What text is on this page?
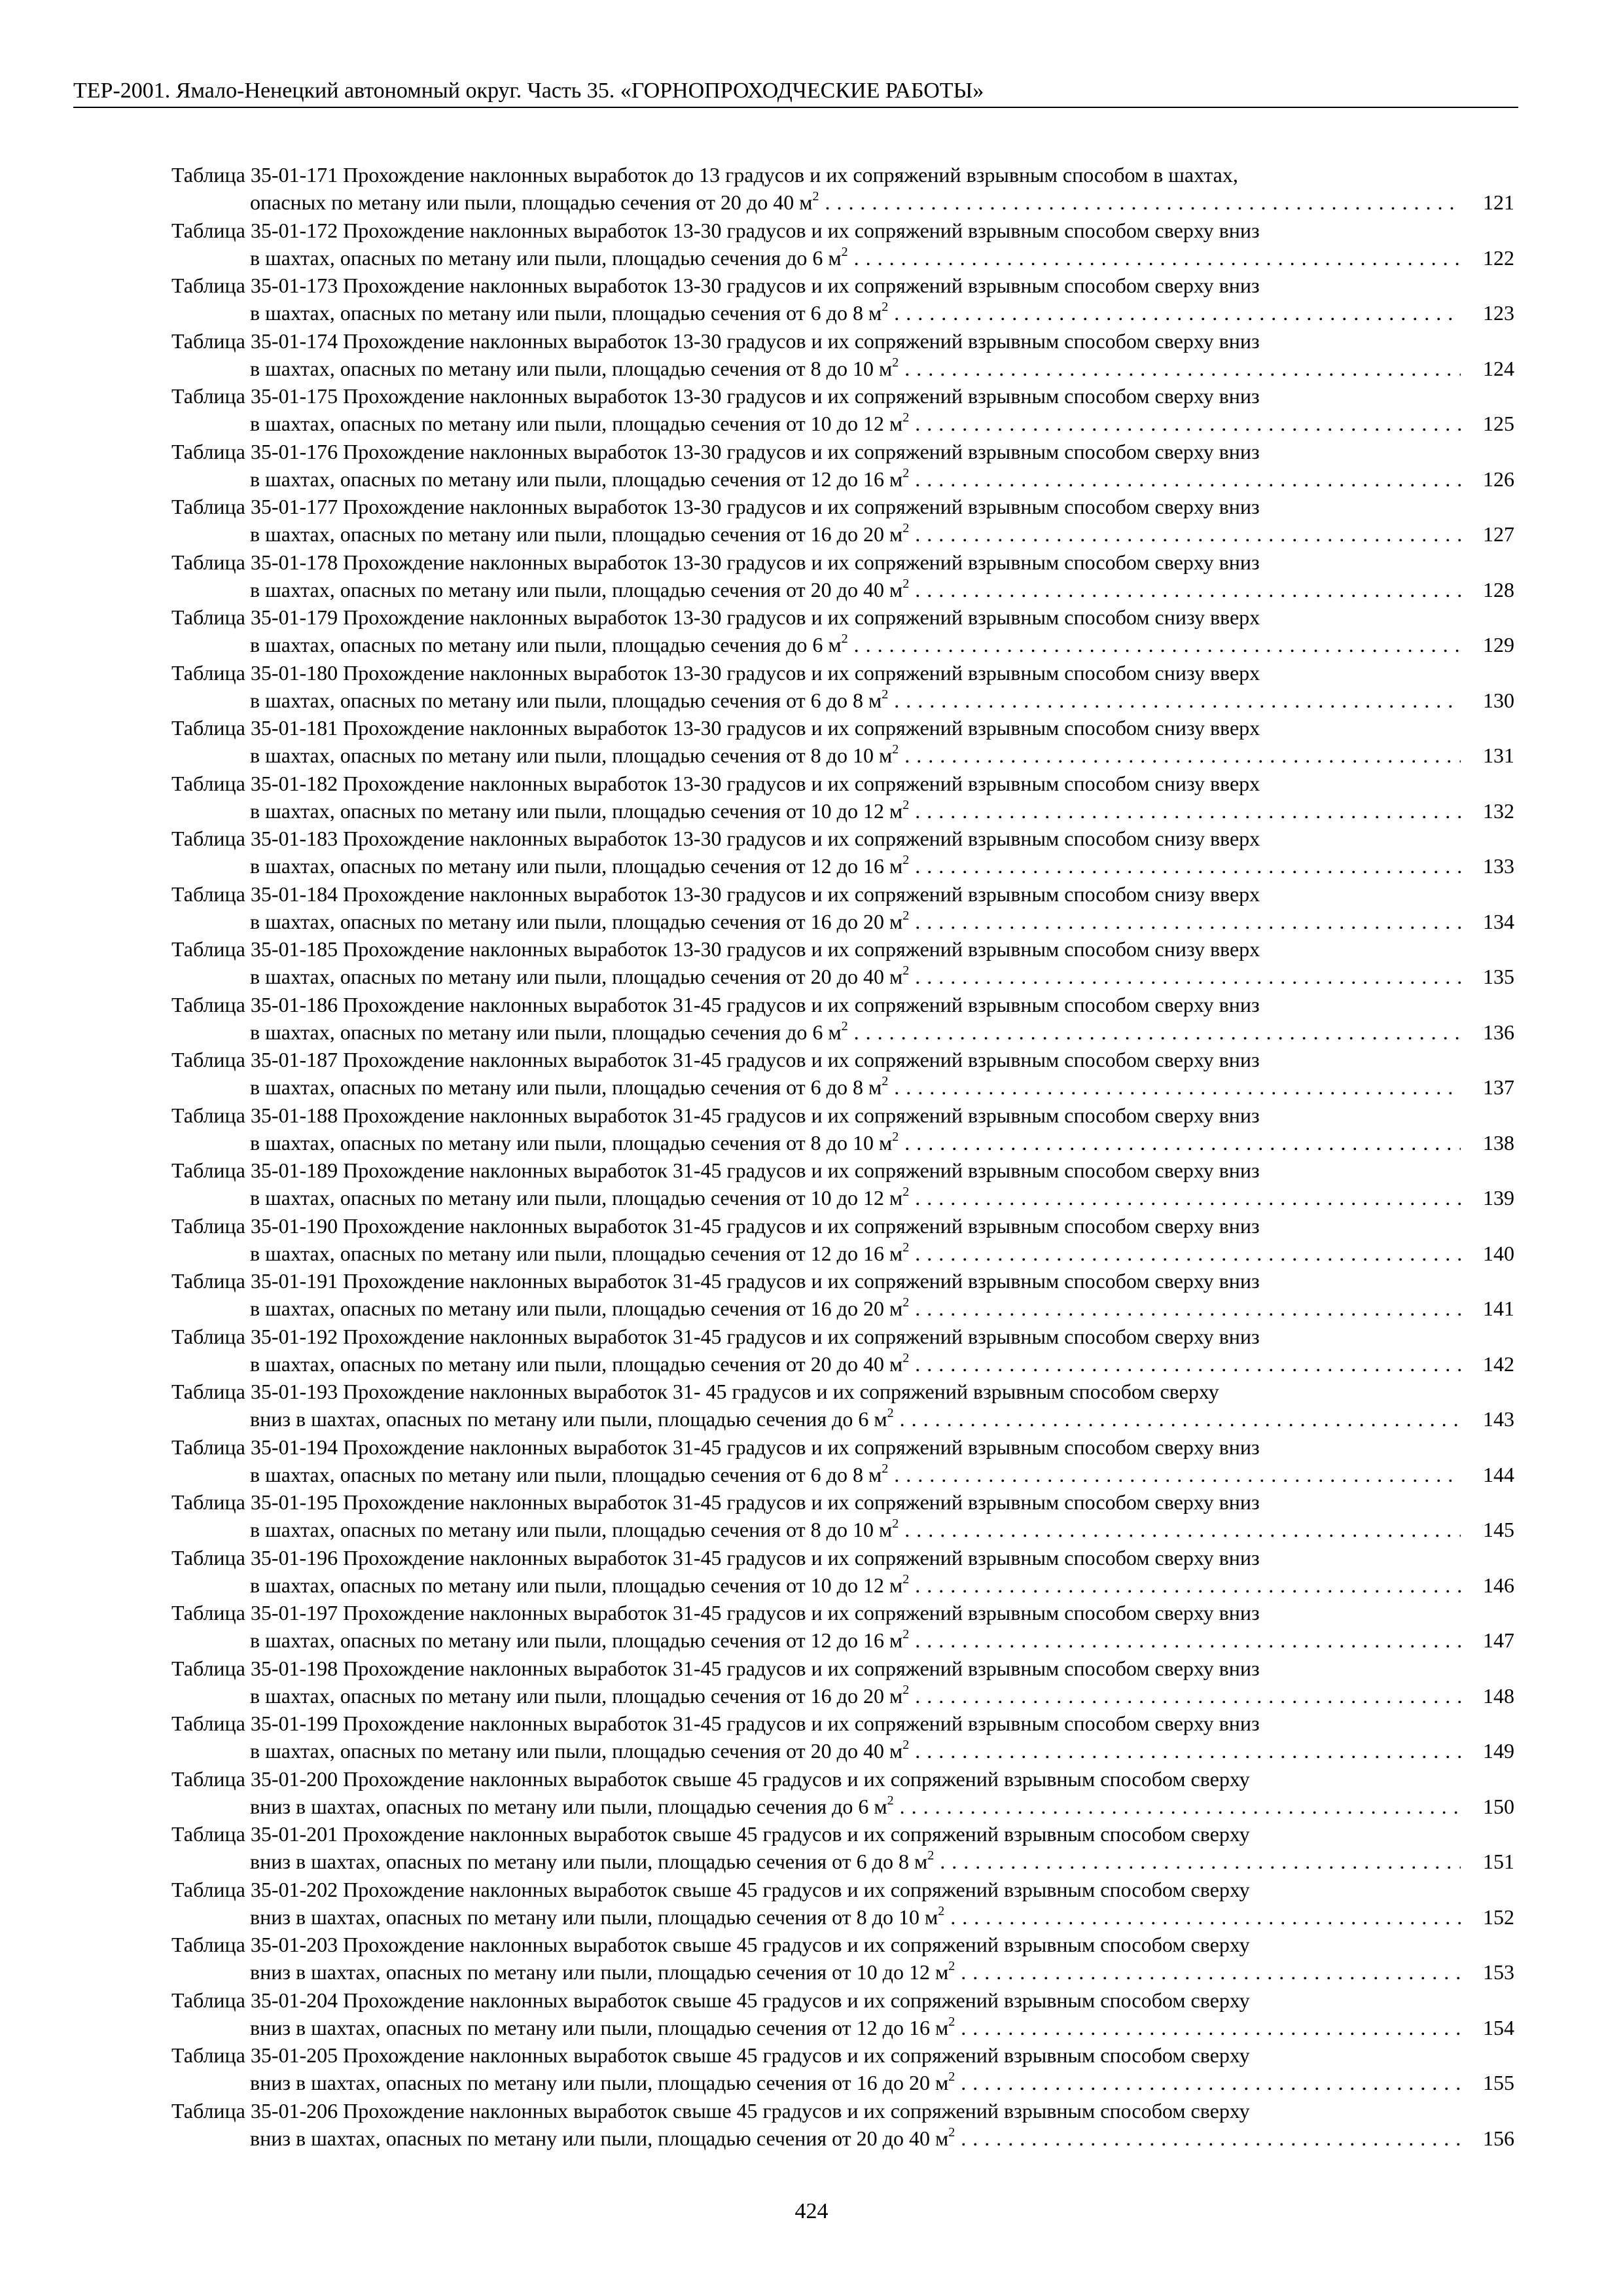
ТЕР-2001. Ямало-Ненецкий автономный округ. Часть 35. «ГОРНОПРОХОДЧЕСКИЕ РАБОТЫ»
Таблица 35-01-171 Прохождение наклонных выработок до 13 градусов и их сопряжений взрывным способом в шахтах,
опасных по метану или пыли, площадью сечения от 20 до 40 $м^2$ . . .	121
Таблица 35-01-172 Прохождение наклонных выработок 13-30 градусов и их сопряжений взрывным способом сверху вниз
в шахтах, опасных по метану или пыли, площадью сечения до 6 $м^2$ . . .	122
Таблица 35-01-173 Прохождение наклонных выработок 13-30 градусов и их сопряжений взрывным способом сверху вниз
в шахтах, опасных по метану или пыли, площадью сечения от 6 до 8 $м^2$ . . .	123
Таблица 35-01-174 Прохождение наклонных выработок 13-30 градусов и их сопряжений взрывным способом сверху вниз
в шахтах, опасных по метану или пыли, площадью сечения от 8 до 10 $м^2$ . . .	124
Таблица 35-01-175 Прохождение наклонных выработок 13-30 градусов и их сопряжений взрывным способом сверху вниз
в шахтах, опасных по метану или пыли, площадью сечения от 10 до 12 $м^2$ . . .	125
Таблица 35-01-176 Прохождение наклонных выработок 13-30 градусов и их сопряжений взрывным способом сверху вниз
в шахтах, опасных по метану или пыли, площадью сечения от 12 до 16 $м^2$ . . .	126
Таблица 35-01-177 Прохождение наклонных выработок 13-30 градусов и их сопряжений взрывным способом сверху вниз
в шахтах, опасных по метану или пыли, площадью сечения от 16 до 20 $м^2$ . . .	127
Таблица 35-01-178 Прохождение наклонных выработок 13-30 градусов и их сопряжений взрывным способом сверху вниз
в шахтах, опасных по метану или пыли, площадью сечения от 20 до 40 $м^2$ . . .	128
Таблица 35-01-179 Прохождение наклонных выработок 13-30 градусов и их сопряжений взрывным способом снизу вверх
в шахтах, опасных по метану или пыли, площадью сечения до 6 $м^2$ . . .	129
Таблица 35-01-180 Прохождение наклонных выработок 13-30 градусов и их сопряжений взрывным способом снизу вверх
в шахтах, опасных по метану или пыли, площадью сечения от 6 до 8 $м^2$ . . .	130
Таблица 35-01-181 Прохождение наклонных выработок 13-30 градусов и их сопряжений взрывным способом снизу вверх
в шахтах, опасных по метану или пыли, площадью сечения от 8 до 10 $м^2$ . . .	131
Таблица 35-01-182 Прохождение наклонных выработок 13-30 градусов и их сопряжений взрывным способом снизу вверх
в шахтах, опасных по метану или пыли, площадью сечения от 10 до 12 $м^2$ . . .	132
Таблица 35-01-183 Прохождение наклонных выработок 13-30 градусов и их сопряжений взрывным способом снизу вверх
в шахтах, опасных по метану или пыли, площадью сечения от 12 до 16 $м^2$ . . .	133
Таблица 35-01-184 Прохождение наклонных выработок 13-30 градусов и их сопряжений взрывным способом снизу вверх
в шахтах, опасных по метану или пыли, площадью сечения от 16 до 20 $м^2$ . . .	134
Таблица 35-01-185 Прохождение наклонных выработок 13-30 градусов и их сопряжений взрывным способом снизу вверх
в шахтах, опасных по метану или пыли, площадью сечения от 20 до 40 $м^2$ . . .	135
Таблица 35-01-186 Прохождение наклонных выработок 31-45 градусов и их сопряжений взрывным способом сверху вниз
в шахтах, опасных по метану или пыли, площадью сечения до 6 $м^2$ . . .	136
Таблица 35-01-187 Прохождение наклонных выработок 31-45 градусов и их сопряжений взрывным способом сверху вниз
в шахтах, опасных по метану или пыли, площадью сечения от 6 до 8 $м^2$ . . .	137
Таблица 35-01-188 Прохождение наклонных выработок 31-45 градусов и их сопряжений взрывным способом сверху вниз
в шахтах, опасных по метану или пыли, площадью сечения от 8 до 10 $м^2$ . . .	138
Таблица 35-01-189 Прохождение наклонных выработок 31-45 градусов и их сопряжений взрывным способом сверху вниз
в шахтах, опасных по метану или пыли, площадью сечения от 10 до 12 $м^2$ . . .	139
Таблица 35-01-190 Прохождение наклонных выработок 31-45 градусов и их сопряжений взрывным способом сверху вниз
в шахтах, опасных по метану или пыли, площадью сечения от 12 до 16 $м^2$ . . .	140
Таблица 35-01-191 Прохождение наклонных выработок 31-45 градусов и их сопряжений взрывным способом сверху вниз
в шахтах, опасных по метану или пыли, площадью сечения от 16 до 20 $м^2$ . . .	141
Таблица 35-01-192 Прохождение наклонных выработок 31-45 градусов и их сопряжений взрывным способом сверху вниз
в шахтах, опасных по метану или пыли, площадью сечения от 20 до 40 $м^2$ . . .	142
Таблица 35-01-193 Прохождение наклонных выработок 31- 45 градусов и их сопряжений взрывным способом сверху
вниз в шахтах, опасных по метану или пыли, площадью сечения до 6 $м^2$ . . .	143
Таблица 35-01-194 Прохождение наклонных выработок 31-45 градусов и их сопряжений взрывным способом сверху вниз
в шахтах, опасных по метану или пыли, площадью сечения от 6 до 8 $м^2$ . . .	144
Таблица 35-01-195 Прохождение наклонных выработок 31-45 градусов и их сопряжений взрывным способом сверху вниз
в шахтах, опасных по метану или пыли, площадью сечения от 8 до 10 $м^2$ . . .	145
Таблица 35-01-196 Прохождение наклонных выработок 31-45 градусов и их сопряжений взрывным способом сверху вниз
в шахтах, опасных по метану или пыли, площадью сечения от 10 до 12 $м^2$ . . .	146
Таблица 35-01-197 Прохождение наклонных выработок 31-45 градусов и их сопряжений взрывным способом сверху вниз
в шахтах, опасных по метану или пыли, площадью сечения от 12 до 16 $м^2$ . . .	147
Таблица 35-01-198 Прохождение наклонных выработок 31-45 градусов и их сопряжений взрывным способом сверху вниз
в шахтах, опасных по метану или пыли, площадью сечения от 16 до 20 $м^2$ . . .	148
Таблица 35-01-199 Прохождение наклонных выработок 31-45 градусов и их сопряжений взрывным способом сверху вниз
в шахтах, опасных по метану или пыли, площадью сечения от 20 до 40 $м^2$ . . .	149
Таблица 35-01-200 Прохождение наклонных выработок свыше 45 градусов и их сопряжений взрывным способом сверху
вниз в шахтах, опасных по метану или пыли, площадью сечения до 6 $м^2$ . . .	150
Таблица 35-01-201 Прохождение наклонных выработок свыше 45 градусов и их сопряжений взрывным способом сверху
вниз в шахтах, опасных по метану или пыли, площадью сечения от 6 до 8 $м^2$ . . .	151
Таблица 35-01-202 Прохождение наклонных выработок свыше 45 градусов и их сопряжений взрывным способом сверху
вниз в шахтах, опасных по метану или пыли, площадью сечения от 8 до 10 $м^2$ . . .	152
Таблица 35-01-203 Прохождение наклонных выработок свыше 45 градусов и их сопряжений взрывным способом сверху
вниз в шахтах, опасных по метану или пыли, площадью сечения от 10 до 12 $м^2$ . . .	153
Таблица 35-01-204 Прохождение наклонных выработок свыше 45 градусов и их сопряжений взрывным способом сверху
вниз в шахтах, опасных по метану или пыли, площадью сечения от 12 до 16 $м^2$ . . .	154
Таблица 35-01-205 Прохождение наклонных выработок свыше 45 градусов и их сопряжений взрывным способом сверху
вниз в шахтах, опасных по метану или пыли, площадью сечения от 16 до 20 $м^2$ . . .	155
Таблица 35-01-206 Прохождение наклонных выработок свыше 45 градусов и их сопряжений взрывным способом сверху
вниз в шахтах, опасных по метану или пыли, площадью сечения от 20 до 40 $м^2$ . . .	156
424
